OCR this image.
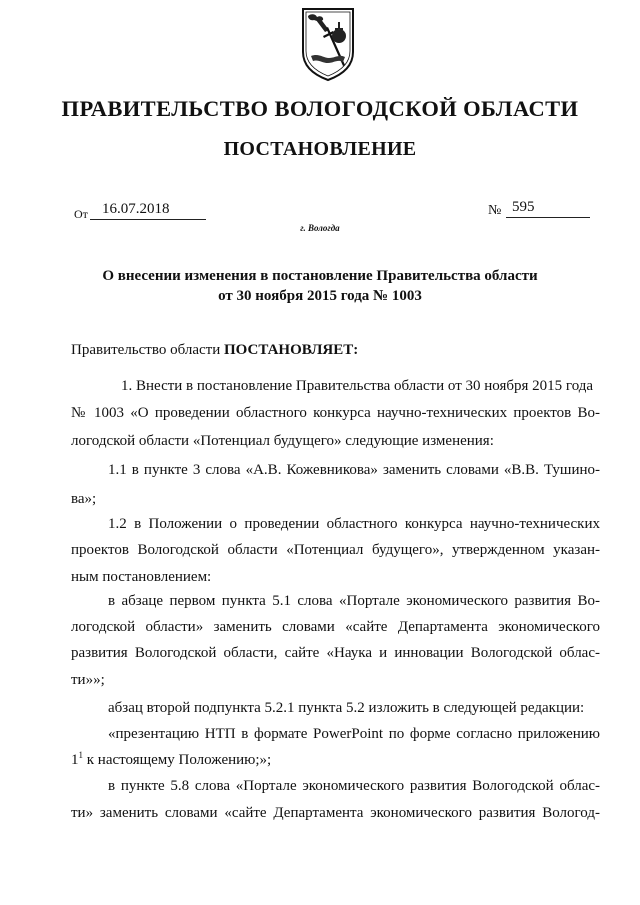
ПРАВИТЕЛЬСТВО ВОЛОГОДСКОЙ ОБЛАСТИ
ПОСТАНОВЛЕНИЕ
От 16.07.2018	№ 595
г. Вологда
О внесении изменения в постановление Правительства области
от 30 ноября 2015 года № 1003
Правительство области ПОСТАНОВЛЯЕТ:
1. Внести в постановление Правительства области от 30 ноября 2015 года
№ 1003 «О проведении областного конкурса научно-технических проектов Во-
логодской области «Потенциал будущего» следующие изменения:
1.1 в пункте 3 слова «А.В. Кожевникова» заменить словами «В.В. Тушино-
ва»;
1.2 в Положении о проведении областного конкурса научно-технических
проектов Вологодской области «Потенциал будущего», утвержденном указан-
ным постановлением:
в абзаце первом пункта 5.1 слова «Портале экономического развития Во-
логодской области» заменить словами «сайте Департамента экономического
развития Вологодской области, сайте «Наука и инновации Вологодской облас-
ти»»;
абзац второй подпункта 5.2.1 пункта 5.2 изложить в следующей редакции:
«презентацию НТП в формате PowerPoint по форме согласно приложению
$1^1$ к настоящему Положению;»;
в пункте 5.8 слова «Портале экономического развития Вологодской облас-
ти» заменить словами «сайте Департамента экономического развития Вологод-
